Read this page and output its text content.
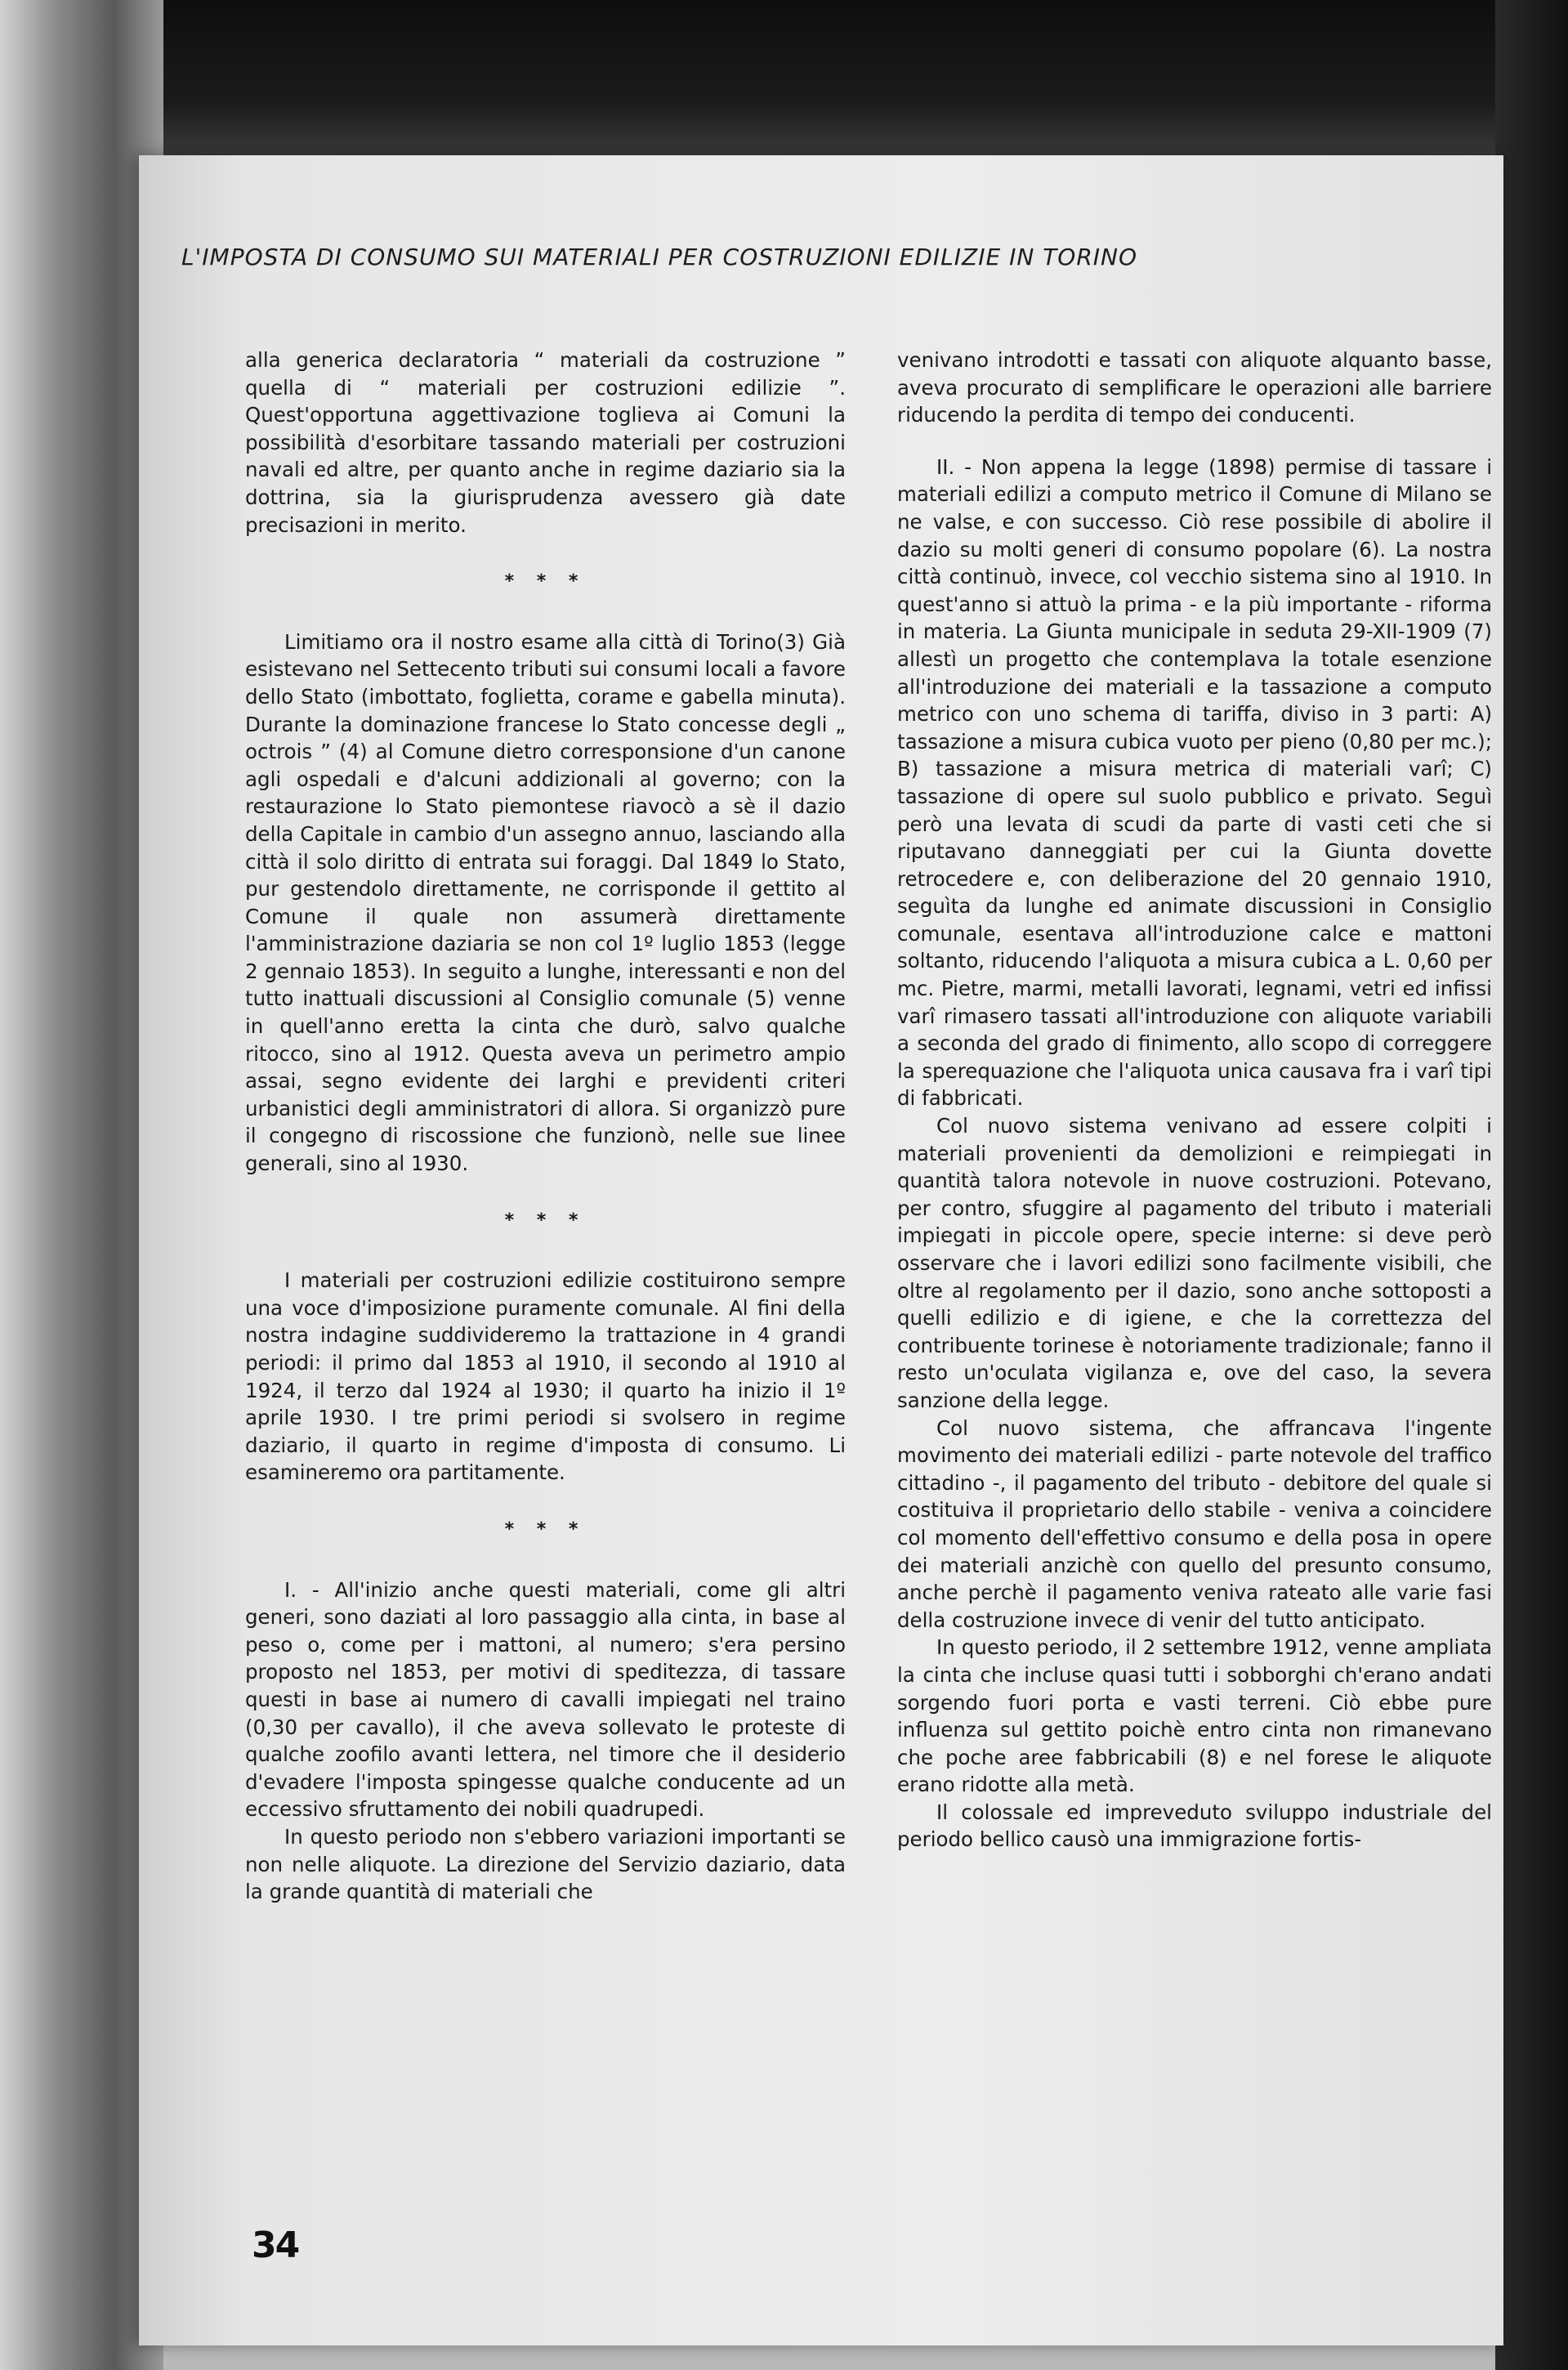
L'IMPOSTA DI CONSUMO SUI MATERIALI PER COSTRUZIONI EDILIZIE IN TORINO

alla generica declaratoria “ materiali da costruzione ” quella di “ materiali per costruzioni edilizie ”. Quest'opportuna aggettivazione toglieva ai Comuni la possibilità d'esorbitare tassando materiali per costruzioni navali ed altre, per quanto anche in regime daziario sia la dottrina, sia la giurisprudenza avessero già date precisazioni in merito.

* * *

Limitiamo ora il nostro esame alla città di Torino(3) Già esistevano nel Settecento tributi sui consumi locali a favore dello Stato (imbottato, foglietta, corame e gabella minuta). Durante la dominazione francese lo Stato concesse degli „ octrois ” (4) al Comune dietro corresponsione d'un canone agli ospedali e d'alcuni addizionali al governo; con la restaurazione lo Stato piemontese riavocò a sè il dazio della Capitale in cambio d'un assegno annuo, lasciando alla città il solo diritto di entrata sui foraggi. Dal 1849 lo Stato, pur gestendolo direttamente, ne corrisponde il gettito al Comune il quale non assumerà direttamente l'amministrazione daziaria se non col 1º luglio 1853 (legge 2 gennaio 1853). In seguito a lunghe, interessanti e non del tutto inattuali discussioni al Consiglio comunale (5) venne in quell'anno eretta la cinta che durò, salvo qualche ritocco, sino al 1912. Questa aveva un perimetro ampio assai, segno evidente dei larghi e previdenti criteri urbanistici degli amministratori di allora. Si organizzò pure il congegno di riscossione che funzionò, nelle sue linee generali, sino al 1930.

* * *

I materiali per costruzioni edilizie costituirono sempre una voce d'imposizione puramente comunale. Al fini della nostra indagine suddivideremo la trattazione in 4 grandi periodi: il primo dal 1853 al 1910, il secondo al 1910 al 1924, il terzo dal 1924 al 1930; il quarto ha inizio il 1º aprile 1930. I tre primi periodi si svolsero in regime daziario, il quarto in regime d'imposta di consumo. Li esamineremo ora partitamente.

* * *

I. - All'inizio anche questi materiali, come gli altri generi, sono daziati al loro passaggio alla cinta, in base al peso o, come per i mattoni, al numero; s'era persino proposto nel 1853, per motivi di speditezza, di tassare questi in base ai numero di cavalli impiegati nel traino (0,30 per cavallo), il che aveva sollevato le proteste di qualche zoofilo avanti lettera, nel timore che il desiderio d'evadere l'imposta spingesse qualche conducente ad un eccessivo sfruttamento dei nobili quadrupedi.

In questo periodo non s'ebbero variazioni importanti se non nelle aliquote. La direzione del Servizio daziario, data la grande quantità di materiali che

venivano introdotti e tassati con aliquote alquanto basse, aveva procurato di semplificare le operazioni alle barriere riducendo la perdita di tempo dei conducenti.

II. - Non appena la legge (1898) permise di tassare i materiali edilizi a computo metrico il Comune di Milano se ne valse, e con successo. Ciò rese possibile di abolire il dazio su molti generi di consumo popolare (6). La nostra città continuò, invece, col vecchio sistema sino al 1910. In quest'anno si attuò la prima - e la più importante - riforma in materia. La Giunta municipale in seduta 29-XII-1909 (7) allestì un progetto che contemplava la totale esenzione all'introduzione dei materiali e la tassazione a computo metrico con uno schema di tariffa, diviso in 3 parti: A) tassazione a misura cubica vuoto per pieno (0,80 per mc.); B) tassazione a misura metrica di materiali varî; C) tassazione di opere sul suolo pubblico e privato. Seguì però una levata di scudi da parte di vasti ceti che si riputavano danneggiati per cui la Giunta dovette retrocedere e, con deliberazione del 20 gennaio 1910, seguìta da lunghe ed animate discussioni in Consiglio comunale, esentava all'introduzione calce e mattoni soltanto, riducendo l'aliquota a misura cubica a L. 0,60 per mc. Pietre, marmi, metalli lavorati, legnami, vetri ed infissi varî rimasero tassati all'introduzione con aliquote variabili a seconda del grado di finimento, allo scopo di correggere la sperequazione che l'aliquota unica causava fra i varî tipi di fabbricati.

Col nuovo sistema venivano ad essere colpiti i materiali provenienti da demolizioni e reimpiegati in quantità talora notevole in nuove costruzioni. Potevano, per contro, sfuggire al pagamento del tributo i materiali impiegati in piccole opere, specie interne: si deve però osservare che i lavori edilizi sono facilmente visibili, che oltre al regolamento per il dazio, sono anche sottoposti a quelli edilizio e di igiene, e che la correttezza del contribuente torinese è notoriamente tradizionale; fanno il resto un'oculata vigilanza e, ove del caso, la severa sanzione della legge.

Col nuovo sistema, che affrancava l'ingente movimento dei materiali edilizi - parte notevole del traffico cittadino -, il pagamento del tributo - debitore del quale si costituiva il proprietario dello stabile - veniva a coincidere col momento dell'effettivo consumo e della posa in opere dei materiali anzichè con quello del presunto consumo, anche perchè il pagamento veniva rateato alle varie fasi della costruzione invece di venir del tutto anticipato.

In questo periodo, il 2 settembre 1912, venne ampliata la cinta che incluse quasi tutti i sobborghi ch'erano andati sorgendo fuori porta e vasti terreni. Ciò ebbe pure influenza sul gettito poichè entro cinta non rimanevano che poche aree fabbricabili (8) e nel forese le aliquote erano ridotte alla metà.

Il colossale ed impreveduto sviluppo industriale del periodo bellico causò una immigrazione fortis-

34
